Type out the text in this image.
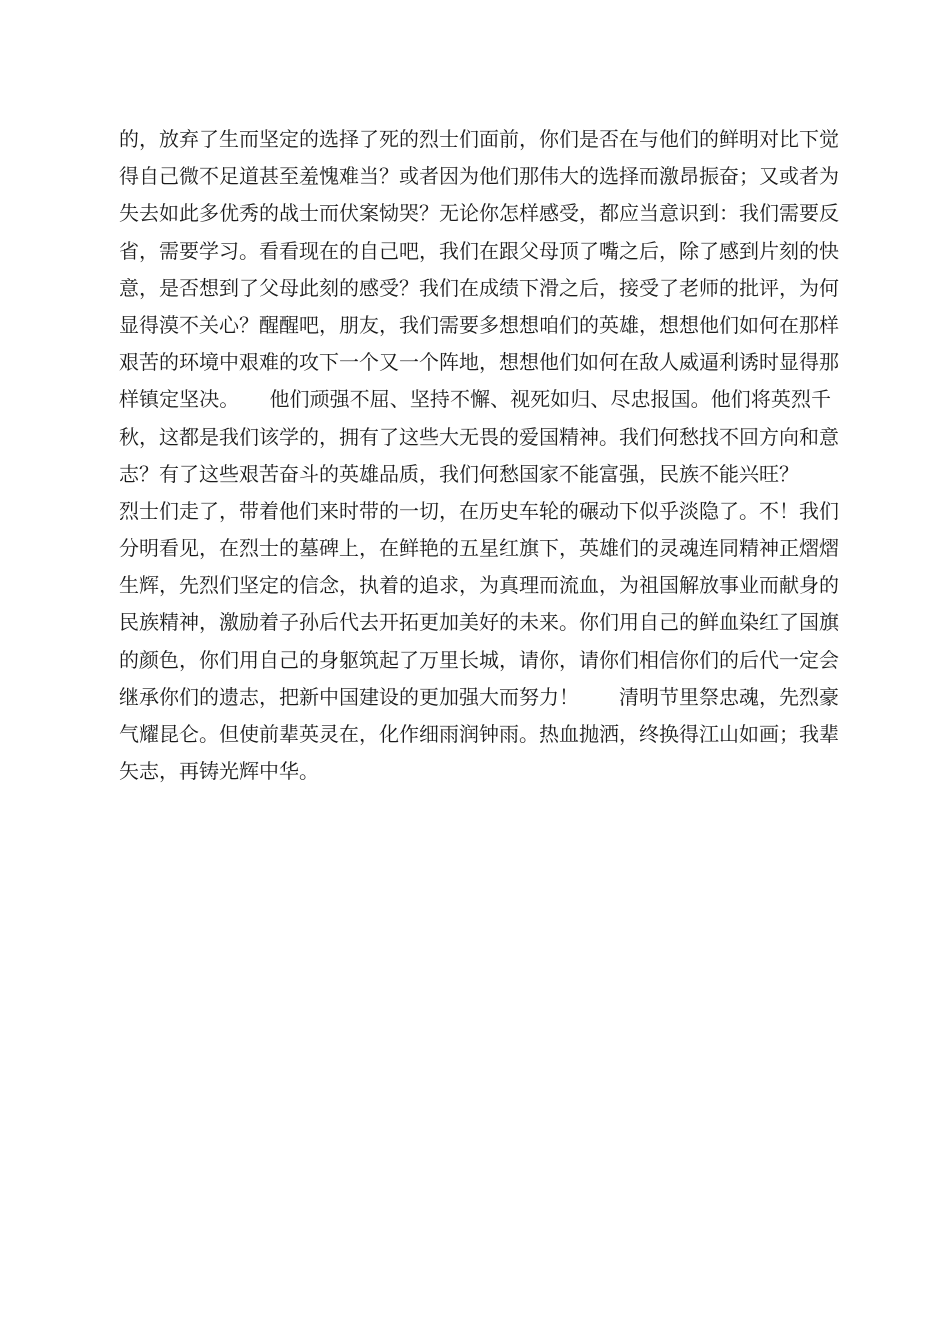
的，放弃了生而坚定的选择了死的烈士们面前，你们是否在与他们的鲜明对比下觉
得自己微不足道甚至羞愧难当？或者因为他们那伟大的选择而激昂振奋；又或者为
失去如此多优秀的战士而伏案恸哭？无论你怎样感受，都应当意识到：我们需要反
省，需要学习。看看现在的自己吧，我们在跟父母顶了嘴之后，除了感到片刻的快
意，是否想到了父母此刻的感受？我们在成绩下滑之后，接受了老师的批评，为何
显得漠不关心？醒醒吧，朋友，我们需要多想想咱们的英雄，想想他们如何在那样
艰苦的环境中艰难的攻下一个又一个阵地，想想他们如何在敌人威逼利诱时显得那
样镇定坚决。　　他们顽强不屈、坚持不懈、视死如归、尽忠报国。他们将英烈千
秋，这都是我们该学的，拥有了这些大无畏的爱国精神。我们何愁找不回方向和意
志？有了这些艰苦奋斗的英雄品质，我们何愁国家不能富强，民族不能兴旺？　　
烈士们走了，带着他们来时带的一切，在历史车轮的碾动下似乎淡隐了。不！我们
分明看见，在烈士的墓碑上，在鲜艳的五星红旗下，英雄们的灵魂连同精神正熠熠
生辉，先烈们坚定的信念，执着的追求，为真理而流血，为祖国解放事业而献身的
民族精神，激励着子孙后代去开拓更加美好的未来。你们用自己的鲜血染红了国旗
的颜色，你们用自己的身躯筑起了万里长城，请你，请你们相信你们的后代一定会
继承你们的遗志，把新中国建设的更加强大而努力！　　清明节里祭忠魂，先烈豪
气耀昆仑。但使前辈英灵在，化作细雨润钟雨。热血抛洒，终换得江山如画；我辈
矢志，再铸光辉中华。
